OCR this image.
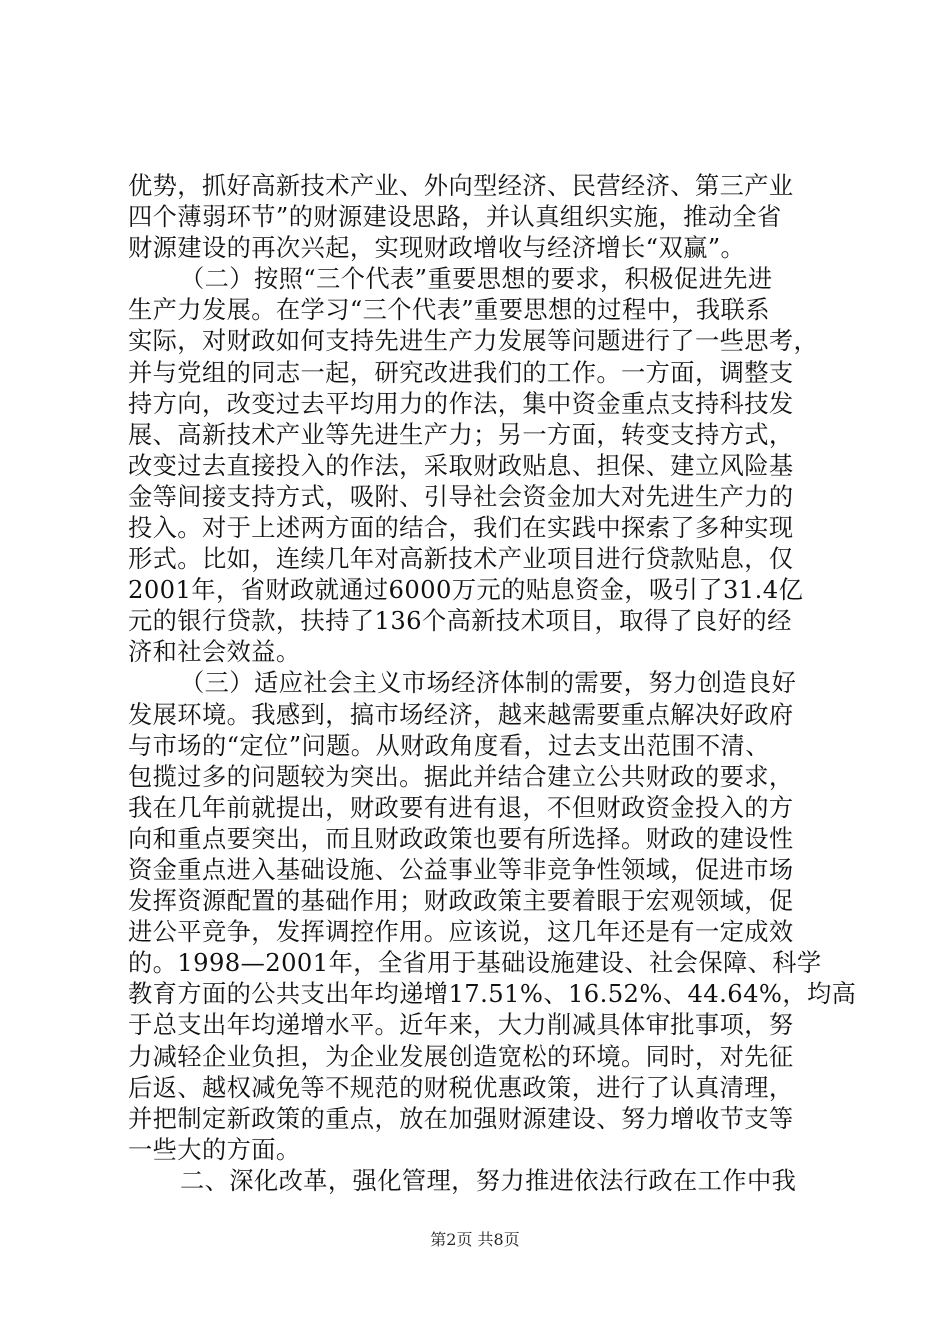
优势，抓好高新技术产业、外向型经济、民营经济、第三产业
四个薄弱环节”的财源建设思路，并认真组织实施，推动全省
财源建设的再次兴起，实现财政增收与经济增长“双赢”。
（二）按照“三个代表”重要思想的要求，积极促进先进
生产力发展。在学习“三个代表”重要思想的过程中，我联系
实际，对财政如何支持先进生产力发展等问题进行了一些思考，
并与党组的同志一起，研究改进我们的工作。一方面，调整支
持方向，改变过去平均用力的作法，集中资金重点支持科技发
展、高新技术产业等先进生产力；另一方面，转变支持方式，
改变过去直接投入的作法，采取财政贴息、担保、建立风险基
金等间接支持方式，吸附、引导社会资金加大对先进生产力的
投入。对于上述两方面的结合，我们在实践中探索了多种实现
形式。比如，连续几年对高新技术产业项目进行贷款贴息，仅
2001年，省财政就通过6000万元的贴息资金，吸引了31.4亿
元的银行贷款，扶持了136个高新技术项目，取得了良好的经
济和社会效益。
（三）适应社会主义市场经济体制的需要，努力创造良好
发展环境。我感到，搞市场经济，越来越需要重点解决好政府
与市场的“定位”问题。从财政角度看，过去支出范围不清、
包揽过多的问题较为突出。据此并结合建立公共财政的要求，
我在几年前就提出，财政要有进有退，不但财政资金投入的方
向和重点要突出，而且财政政策也要有所选择。财政的建设性
资金重点进入基础设施、公益事业等非竞争性领域，促进市场
发挥资源配置的基础作用；财政政策主要着眼于宏观领域，促
进公平竞争，发挥调控作用。应该说，这几年还是有一定成效
的。1998—2001年，全省用于基础设施建设、社会保障、科学
教育方面的公共支出年均递增17.51%、16.52%、44.64%，均高
于总支出年均递增水平。近年来，大力削减具体审批事项，努
力减轻企业负担，为企业发展创造宽松的环境。同时，对先征
后返、越权减免等不规范的财税优惠政策，进行了认真清理，
并把制定新政策的重点，放在加强财源建设、努力增收节支等
一些大的方面。
二、深化改革，强化管理，努力推进依法行政在工作中我
第2页 共8页
